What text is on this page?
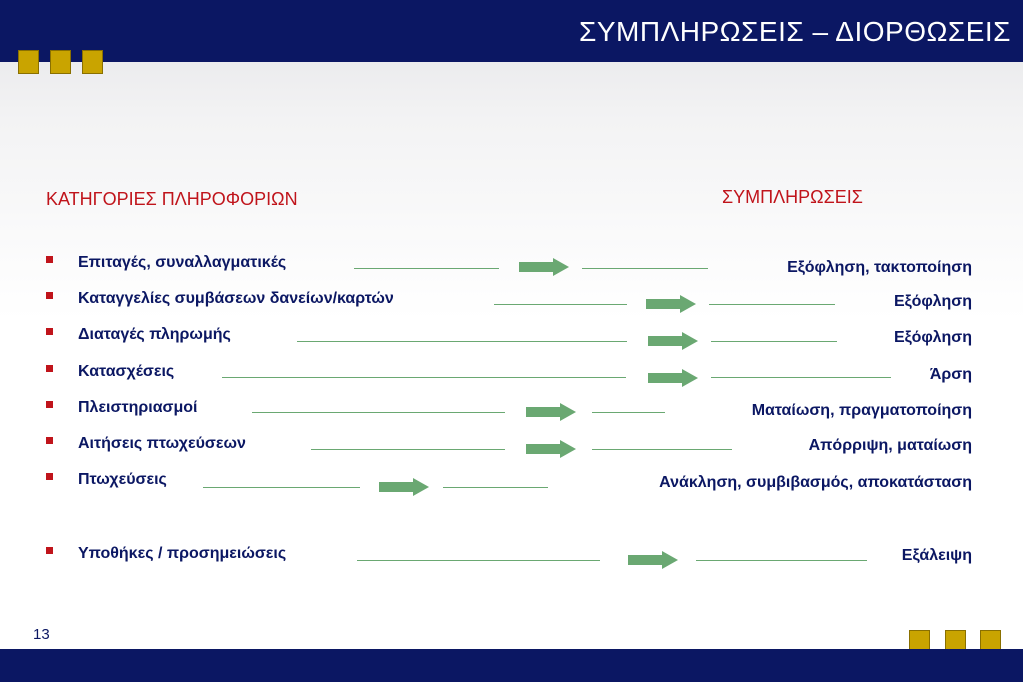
ΣΥΜΠΛΗΡΩΣΕΙΣ – ΔΙΟΡΘΩΣΕΙΣ
ΚΑΤΗΓΟΡΙΕΣ ΠΛΗΡΟΦΟΡΙΩΝ	ΣΥΜΠΛΗΡΩΣΕΙΣ
Επιταγές, συναλλαγματικές	Εξόφληση, τακτοποίηση
Καταγγελίες συμβάσεων δανείων/καρτών	Εξόφληση
Διαταγές πληρωμής	Εξόφληση
Κατασχέσεις	Άρση
Πλειστηριασμοί	Ματαίωση, πραγματοποίηση
Αιτήσεις πτωχεύσεων	Απόρριψη, ματαίωση
Πτωχεύσεις	Ανάκληση, συμβιβασμός, αποκατάσταση
Υποθήκες / προσημειώσεις	Εξάλειψη
13
